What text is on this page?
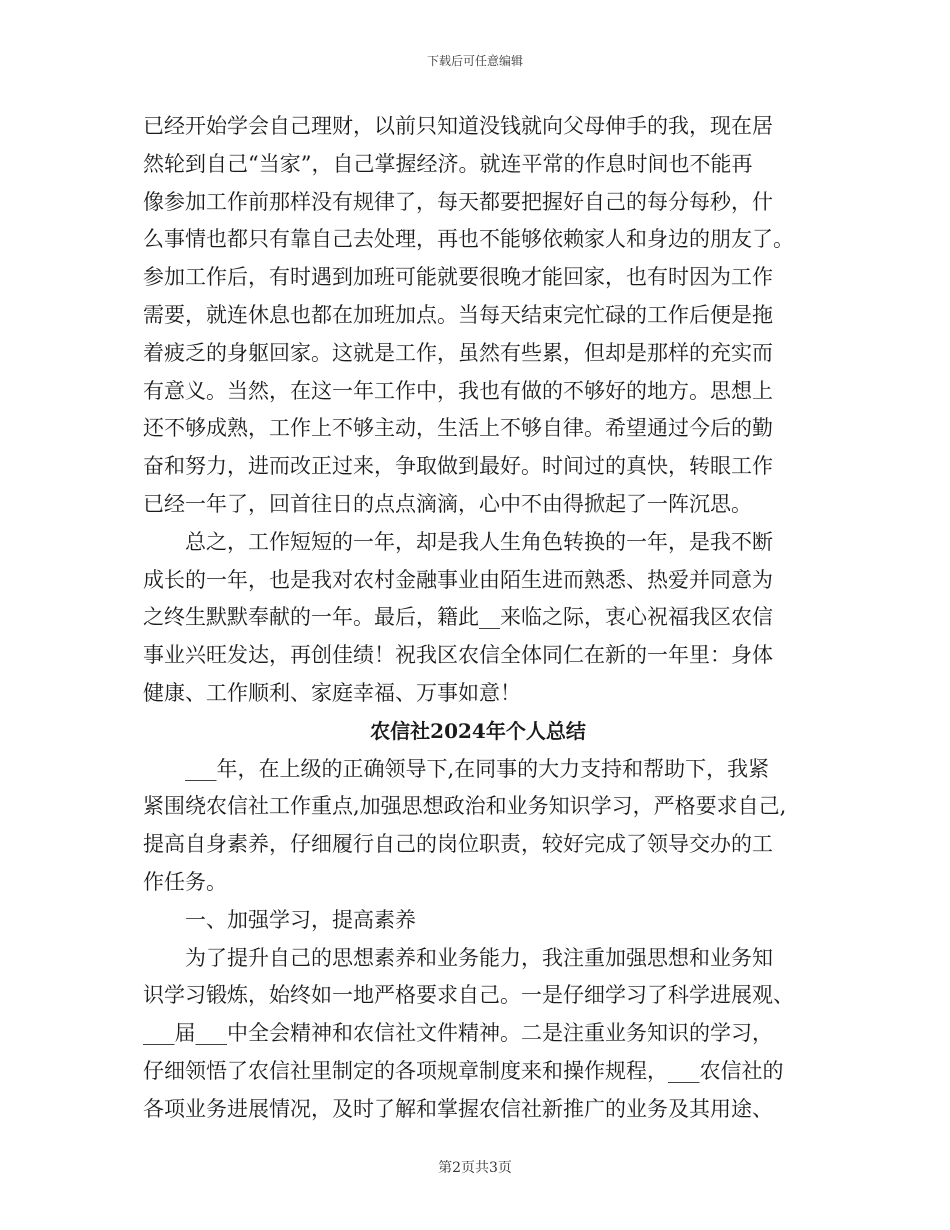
下载后可任意编辑
已经开始学会自己理财，以前只知道没钱就向父母伸手的我，现在居
然轮到自己“当家”，自己掌握经济。就连平常的作息时间也不能再
像参加工作前那样没有规律了，每天都要把握好自己的每分每秒，什
么事情也都只有靠自己去处理，再也不能够依赖家人和身边的朋友了。
参加工作后，有时遇到加班可能就要很晚才能回家，也有时因为工作
需要，就连休息也都在加班加点。当每天结束完忙碌的工作后便是拖
着疲乏的身躯回家。这就是工作，虽然有些累，但却是那样的充实而
有意义。当然，在这一年工作中，我也有做的不够好的地方。思想上
还不够成熟，工作上不够主动，生活上不够自律。希望通过今后的勤
奋和努力，进而改正过来，争取做到最好。时间过的真快，转眼工作
已经一年了，回首往日的点点滴滴，心中不由得掀起了一阵沉思。
总之，工作短短的一年，却是我人生角色转换的一年，是我不断
成长的一年，也是我对农村金融事业由陌生进而熟悉、热爱并同意为
之终生默默奉献的一年。最后，籍此__来临之际，衷心祝福我区农信
事业兴旺发达，再创佳绩！祝我区农信全体同仁在新的一年里：身体
健康、工作顺利、家庭幸福、万事如意！
农信社2024年个人总结
___年，在上级的正确领导下,在同事的大力支持和帮助下，我紧
紧围绕农信社工作重点,加强思想政治和业务知识学习，严格要求自己,
提高自身素养，仔细履行自己的岗位职责，较好完成了领导交办的工
作任务。
一、加强学习，提高素养
为了提升自己的思想素养和业务能力，我注重加强思想和业务知
识学习锻炼，始终如一地严格要求自己。一是仔细学习了科学进展观、
___届___中全会精神和农信社文件精神。二是注重业务知识的学习，
仔细领悟了农信社里制定的各项规章制度来和操作规程，___农信社的
各项业务进展情况，及时了解和掌握农信社新推广的业务及其用途、
第2页共3页
